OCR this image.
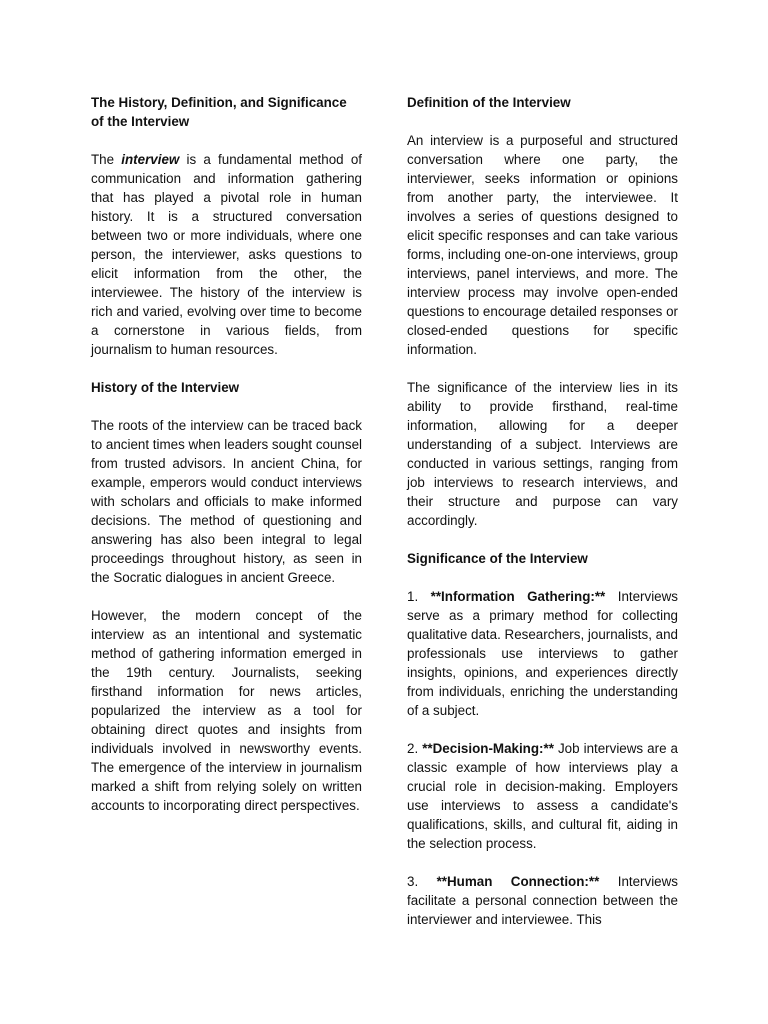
The History, Definition, and Significance of the Interview

The interview is a fundamental method of communication and information gathering that has played a pivotal role in human history. It is a structured conversation between two or more individuals, where one person, the interviewer, asks questions to elicit information from the other, the interviewee. The history of the interview is rich and varied, evolving over time to become a cornerstone in various fields, from journalism to human resources.

History of the Interview

The roots of the interview can be traced back to ancient times when leaders sought counsel from trusted advisors. In ancient China, for example, emperors would conduct interviews with scholars and officials to make informed decisions. The method of questioning and answering has also been integral to legal proceedings throughout history, as seen in the Socratic dialogues in ancient Greece.

However, the modern concept of the interview as an intentional and systematic method of gathering information emerged in the 19th century. Journalists, seeking firsthand information for news articles, popularized the interview as a tool for obtaining direct quotes and insights from individuals involved in newsworthy events. The emergence of the interview in journalism marked a shift from relying solely on written accounts to incorporating direct perspectives.

Definition of the Interview

An interview is a purposeful and structured conversation where one party, the interviewer, seeks information or opinions from another party, the interviewee. It involves a series of questions designed to elicit specific responses and can take various forms, including one-on-one interviews, group interviews, panel interviews, and more. The interview process may involve open-ended questions to encourage detailed responses or closed-ended questions for specific information.

The significance of the interview lies in its ability to provide firsthand, real-time information, allowing for a deeper understanding of a subject. Interviews are conducted in various settings, ranging from job interviews to research interviews, and their structure and purpose can vary accordingly.

Significance of the Interview

1. **Information Gathering:** Interviews serve as a primary method for collecting qualitative data. Researchers, journalists, and professionals use interviews to gather insights, opinions, and experiences directly from individuals, enriching the understanding of a subject.

2. **Decision-Making:** Job interviews are a classic example of how interviews play a crucial role in decision-making. Employers use interviews to assess a candidate's qualifications, skills, and cultural fit, aiding in the selection process.

3. **Human Connection:** Interviews facilitate a personal connection between the interviewer and interviewee. This
